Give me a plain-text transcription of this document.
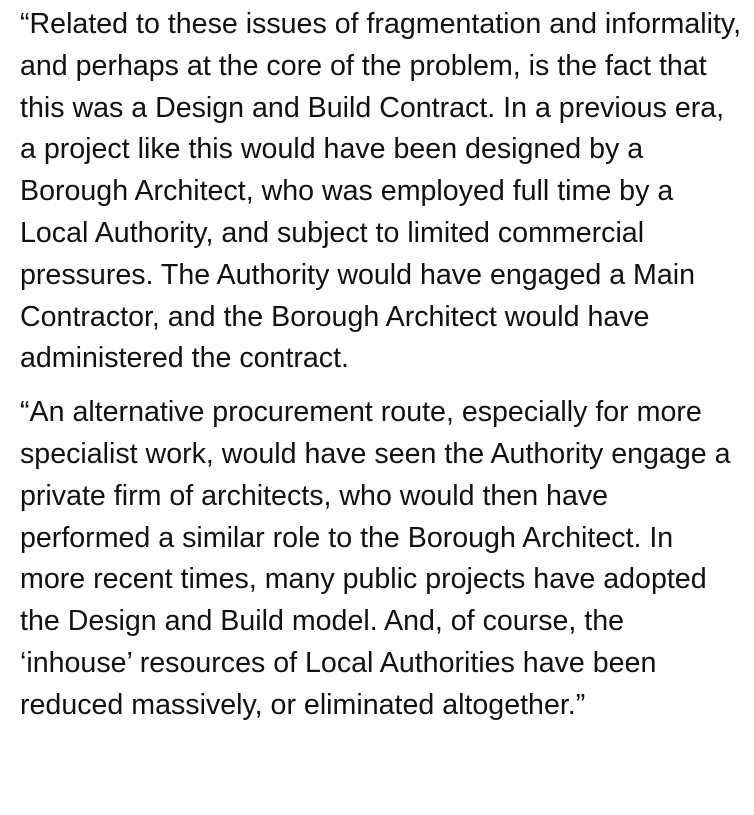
“Related to these issues of fragmentation and informality, and perhaps at the core of the problem, is the fact that this was a Design and Build Contract. In a previous era, a project like this would have been designed by a Borough Architect, who was employed full time by a Local Authority, and subject to limited commercial pressures. The Authority would have engaged a Main Contractor, and the Borough Architect would have administered the contract.

“An alternative procurement route, especially for more specialist work, would have seen the Authority engage a private firm of architects, who would then have performed a similar role to the Borough Architect. In more recent times, many public projects have adopted the Design and Build model. And, of course, the ‘inhouse’ resources of Local Authorities have been reduced massively, or eliminated altogether.”
